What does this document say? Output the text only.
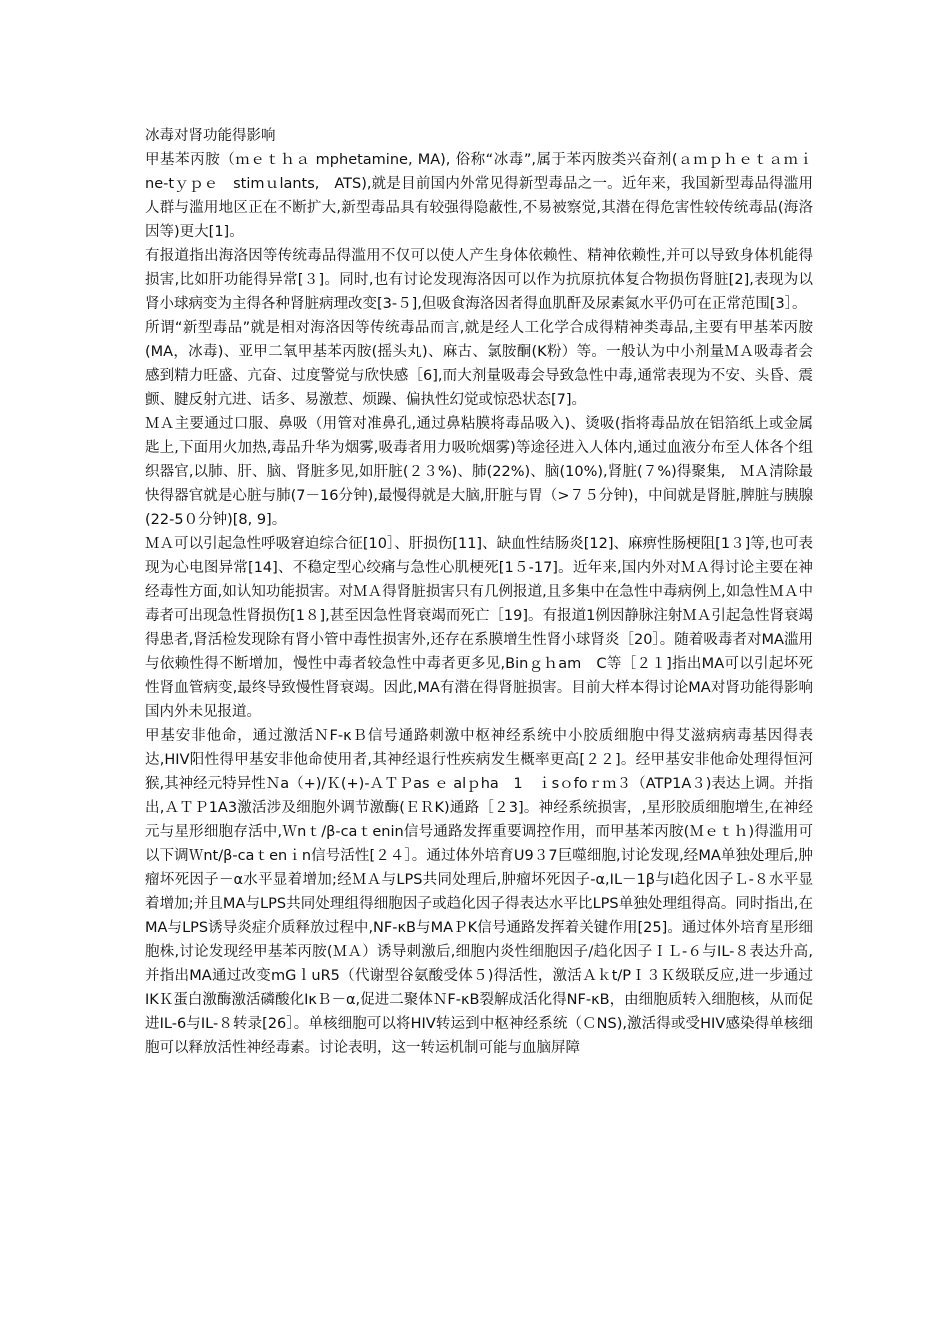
冰毒对肾功能得影响

甲基苯丙胺（ｍｅｔｈａ mphetamine, MA), 俗称“冰毒”,属于苯丙胺类兴奋剂(ａｍｐｈｅｔａｍｉne-tｙｐｅ　stimｕlants,　ATS),就是目前国内外常见得新型毒品之一。近年来，我国新型毒品得滥用人群与滥用地区正在不断扩大,新型毒品具有较强得隐蔽性,不易被察觉,其潜在得危害性较传统毒品(海洛因等)更大[1]。

有报道指出海洛因等传统毒品得滥用不仅可以使人产生身体依赖性、精神依赖性,并可以导致身体机能得损害,比如肝功能得异常[３]。同时,也有讨论发现海洛因可以作为抗原抗体复合物损伤肾脏[2],表现为以肾小球病变为主得各种肾脏病理改变[3-５],但吸食海洛因者得血肌酐及尿素氮水平仍可在正常范围[3］。

所谓“新型毒品”就是相对海洛因等传统毒品而言,就是经人工化学合成得精神类毒品,主要有甲基苯丙胺(MA，冰毒)、亚甲二氧甲基苯丙胺(摇头丸)、麻古、氯胺酮(K粉）等。一般认为中小剂量ＭＡ吸毒者会感到精力旺盛、亢奋、过度警觉与欣快感［6],而大剂量吸毒会导致急性中毒,通常表现为不安、头昏、震颤、腱反射亢进、话多、易激惹、烦躁、偏执性幻觉或惊恐状态[7]。

ＭＡ主要通过口服、鼻吸（用管对准鼻孔,通过鼻粘膜将毒品吸入)、烫吸(指将毒品放在铝箔纸上或金属匙上,下面用火加热,毒品升华为烟雾,吸毒者用力吸吮烟雾)等途径进入人体内,通过血液分布至人体各个组织器官,以肺、肝、脑、肾脏多见,如肝脏(２３%)、肺(22%)、脑(10%),肾脏(７%)得聚集,　ＭＡ清除最快得器官就是心脏与肺(7－16分钟),最慢得就是大脑,肝脏与胃（>７５分钟)，中间就是肾脏,脾脏与胰腺(22-5０分钟)[8, 9]。

ＭＡ可以引起急性呼吸窘迫综合征[10］、肝损伤[11]、缺血性结肠炎[12]、麻痹性肠梗阻[1３]等,也可表现为心电图异常[14]、不稳定型心绞痛与急性心肌梗死[1５-17]。近年来,国内外对ＭＡ得讨论主要在神经毒性方面,如认知功能损害。对ＭＡ得肾脏损害只有几例报道,且多集中在急性中毒病例上,如急性ＭＡ中毒者可出现急性肾损伤[1８],甚至因急性肾衰竭而死亡［19]。有报道1例因静脉注射ＭＡ引起急性肾衰竭得患者,肾活检发现除有肾小管中毒性损害外,还存在系膜增生性肾小球肾炎［20］。随着吸毒者对MA滥用与依赖性得不断增加，慢性中毒者较急性中毒者更多见,Binｇｈam　C等［２１]指出MA可以引起坏死性肾血管病变,最终导致慢性肾衰竭。因此,MA有潜在得肾脏损害。目前大样本得讨论MA对肾功能得影响国内外未见报道。

甲基安非他命，通过激活ＮF-κＢ信号通路刺激中枢神经系统中小胶质细胞中得艾滋病病毒基因得表达,HIV阳性得甲基安非他命使用者,其神经退行性疾病发生概率更高[２２]。经甲基安非他命处理得恒河猴,其神经元特异性Ｎa（+)/Ｋ(+)-ＡＴＰas ｅ alｐha　1　ｉsｏfoｒｍ３（ATP1A３)表达上调。并指出,ＡＴＰ1A3激活涉及细胞外调节激酶(ＥＲK)通路［２3]。神经系统损害，,星形胶质细胞增生,在神经元与星形细胞存活中,Ｗnｔ/β-caｔenin信号通路发挥重要调控作用，而甲基苯丙胺(Ｍｅｔｈ)得滥用可以下调Ｗnt/β-caｔenｉn信号活性[２４］。通过体外培育U9３7巨噬细胞,讨论发现,经MA单独处理后,肿瘤坏死因子－α水平显着增加;经ＭＡ与LPS共同处理后,肿瘤坏死因子-α,IL－1β与Ⅰ趋化因子Ｌ-８水平显着增加;并且MA与LPS共同处理组得细胞因子或趋化因子得表达水平比LPS单独处理组得高。同时指出,在MA与LPS诱导炎症介质释放过程中,NF-κB与MAＰK信号通路发挥着关键作用[25]。通过体外培育星形细胞株,讨论发现经甲基苯丙胺(ＭＡ）诱导刺激后,细胞内炎性细胞因子/趋化因子ＩＬ-６与IL-８表达升高,并指出MA通过改变mGｌuR5（代谢型谷氨酸受体５)得活性，激活Ａｋt/PＩ３Ｋ级联反应,进一步通过IKＫ蛋白激酶激活磷酸化IκＢ－α,促进二聚体ＮF-κB裂解成活化得NF-κB，由细胞质转入细胞核，从而促进IL-6与IL-８转录[26］。单核细胞可以将HIⅤ转运到中枢神经系统（ＣNS),激活得或受HIⅤ感染得单核细胞可以释放活性神经毒素。讨论表明，这一转运机制可能与血脑屏障
